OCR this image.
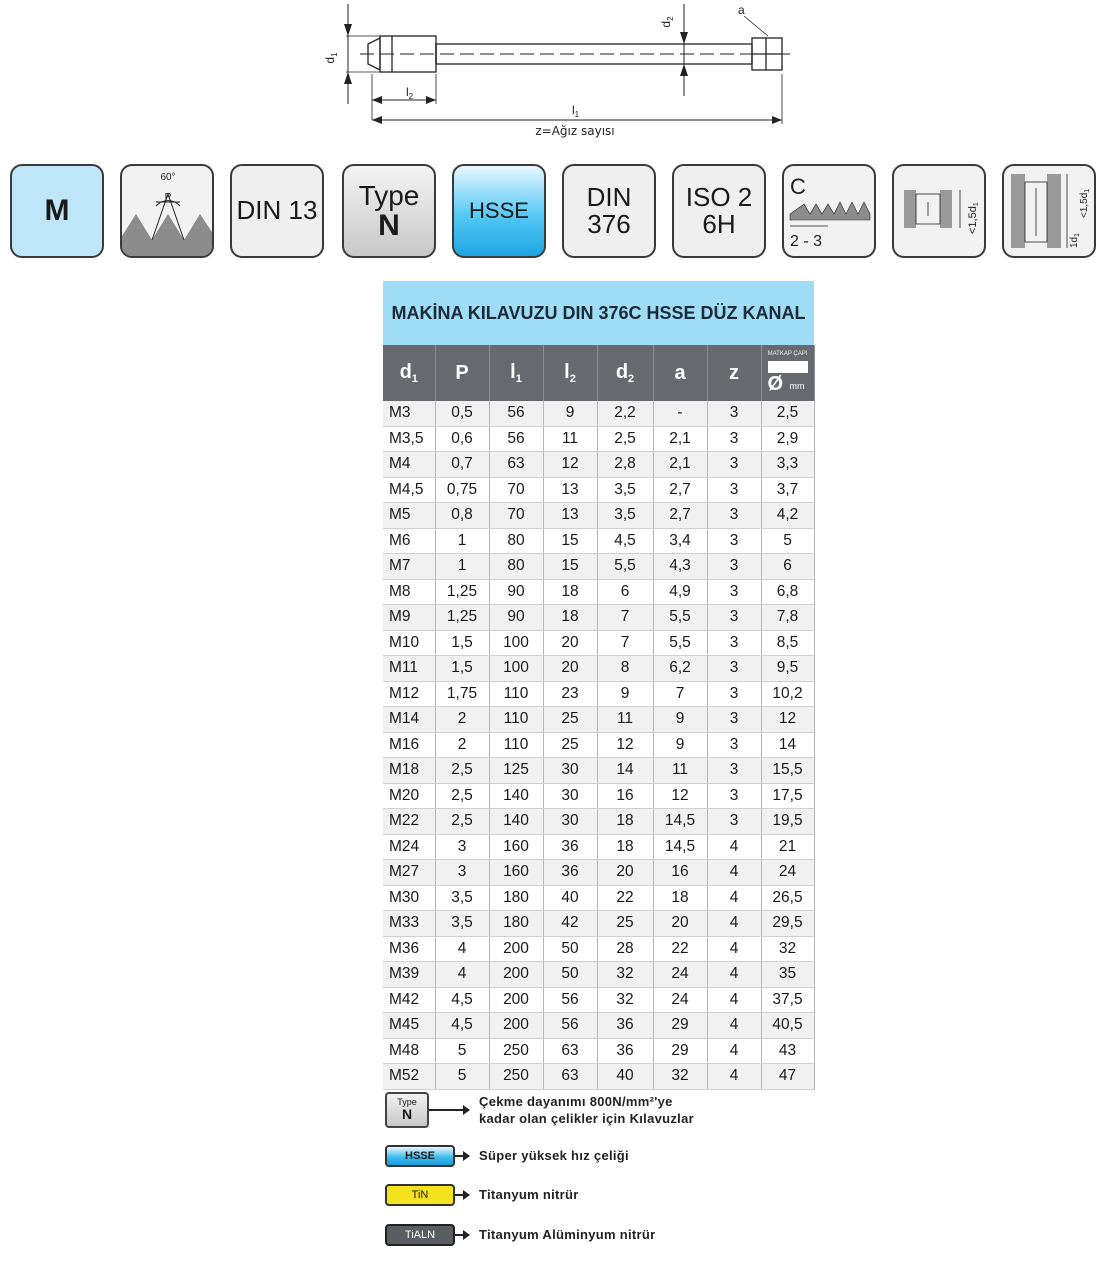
$d_1$
$d_2$
$l_2$
$l_1$
a
z=Ağız sayısı
M
60°
P	DIN 13 Type
N	HSSE DIN
376
ISO 2
6H
C
2 - 3
<1,5d1	$<1,5d_1$
$1d_1$
MAKİNA KILAVUZU DIN 376C HSSE DÜZ KANAL
$d_1$	P	$l_1$	$l_2$	$d_2$	a	z	MATKAP ÇAPI
Ø mm

M3	0,5	56	9	2,2	-	3	2,5
M3,5	0,6	56	11	2,5	2,1	3	2,9
M4	0,7	63	12	2,8	2,1	3	3,3
M4,5	0,75	70	13	3,5	2,7	3	3,7
M5	0,8	70	13	3,5	2,7	3	4,2
M6	1	80	15	4,5	3,4	3	5
M7	1	80	15	5,5	4,3	3	6
M8	1,25	90	18	6	4,9	3	6,8
M9	1,25	90	18	7	5,5	3	7,8
M10	1,5	100	20	7	5,5	3	8,5
M11	1,5	100	20	8	6,2	3	9,5
M12	1,75	110	23	9	7	3	10,2
M14	2	110	25	11	9	3	12
M16	2	110	25	12	9	3	14
M18	2,5	125	30	14	11	3	15,5
M20	2,5	140	30	16	12	3	17,5
M22	2,5	140	30	18	14,5	3	19,5
M24	3	160	36	18	14,5	4	21
M27	3	160	36	20	16	4	24
M30	3,5	180	40	22	18	4	26,5
M33	3,5	180	42	25	20	4	29,5
M36	4	200	50	28	22	4	32
M39	4	200	50	32	24	4	35
M42	4,5	200	56	32	24	4	37,5
M45	4,5	200	56	36	29	4	40,5
M48	5	250	63	36	29	4	43
M52	5	250	63	40	32	4	47
Type
N
Çekme dayanımı 800N/mm²'ye
kadar olan çelikler için Kılavuzlar
HSSE	Süper yüksek hız çeliği
TiN	Titanyum nitrür
TiALN	Titanyum Alüminyum nitrür
